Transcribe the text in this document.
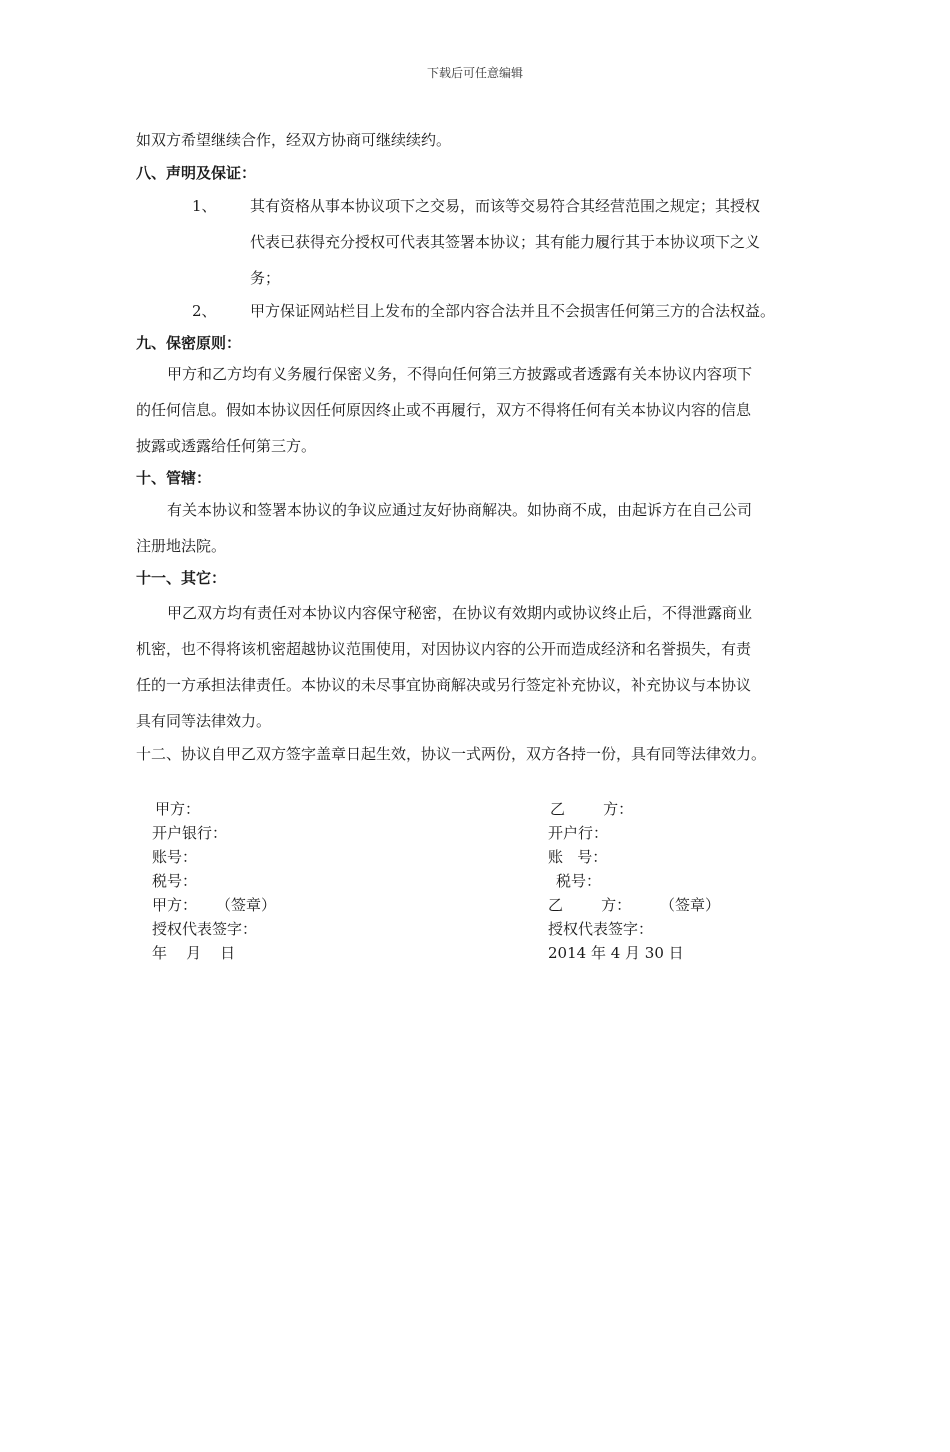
下载后可任意编辑
如双方希望继续合作，经双方协商可继续续约。
八、声明及保证：
1、 其有资格从事本协议项下之交易，而该等交易符合其经营范围之规定；其授权
代表已获得充分授权可代表其签署本协议；其有能力履行其于本协议项下之义
务；
2、 甲方保证网站栏目上发布的全部内容合法并且不会损害任何第三方的合法权益。
九、保密原则：
甲方和乙方均有义务履行保密义务，不得向任何第三方披露或者透露有关本协议内容项下
的任何信息。假如本协议因任何原因终止或不再履行，双方不得将任何有关本协议内容的信息
披露或透露给任何第三方。
十、管辖：
有关本协议和签署本协议的争议应通过友好协商解决。如协商不成，由起诉方在自己公司
注册地法院。
十一、其它：
甲乙双方均有责任对本协议内容保守秘密，在协议有效期内或协议终止后，不得泄露商业
机密，也不得将该机密超越协议范围使用，对因协议内容的公开而造成经济和名誉损失，有责
任的一方承担法律责任。本协议的未尽事宜协商解决或另行签定补充协议，补充协议与本协议
具有同等法律效力。
十二、协议自甲乙双方签字盖章日起生效，协议一式两份，双方各持一份，具有同等法律效力。
甲方：
开户银行：
账号：
税号：
甲方： （签章）
授权代表签字：
年    月    日
乙        方：
开户行：
账   号：
税号：
乙        方： （签章）
授权代表签字：
2014 年 4 月 30 日
